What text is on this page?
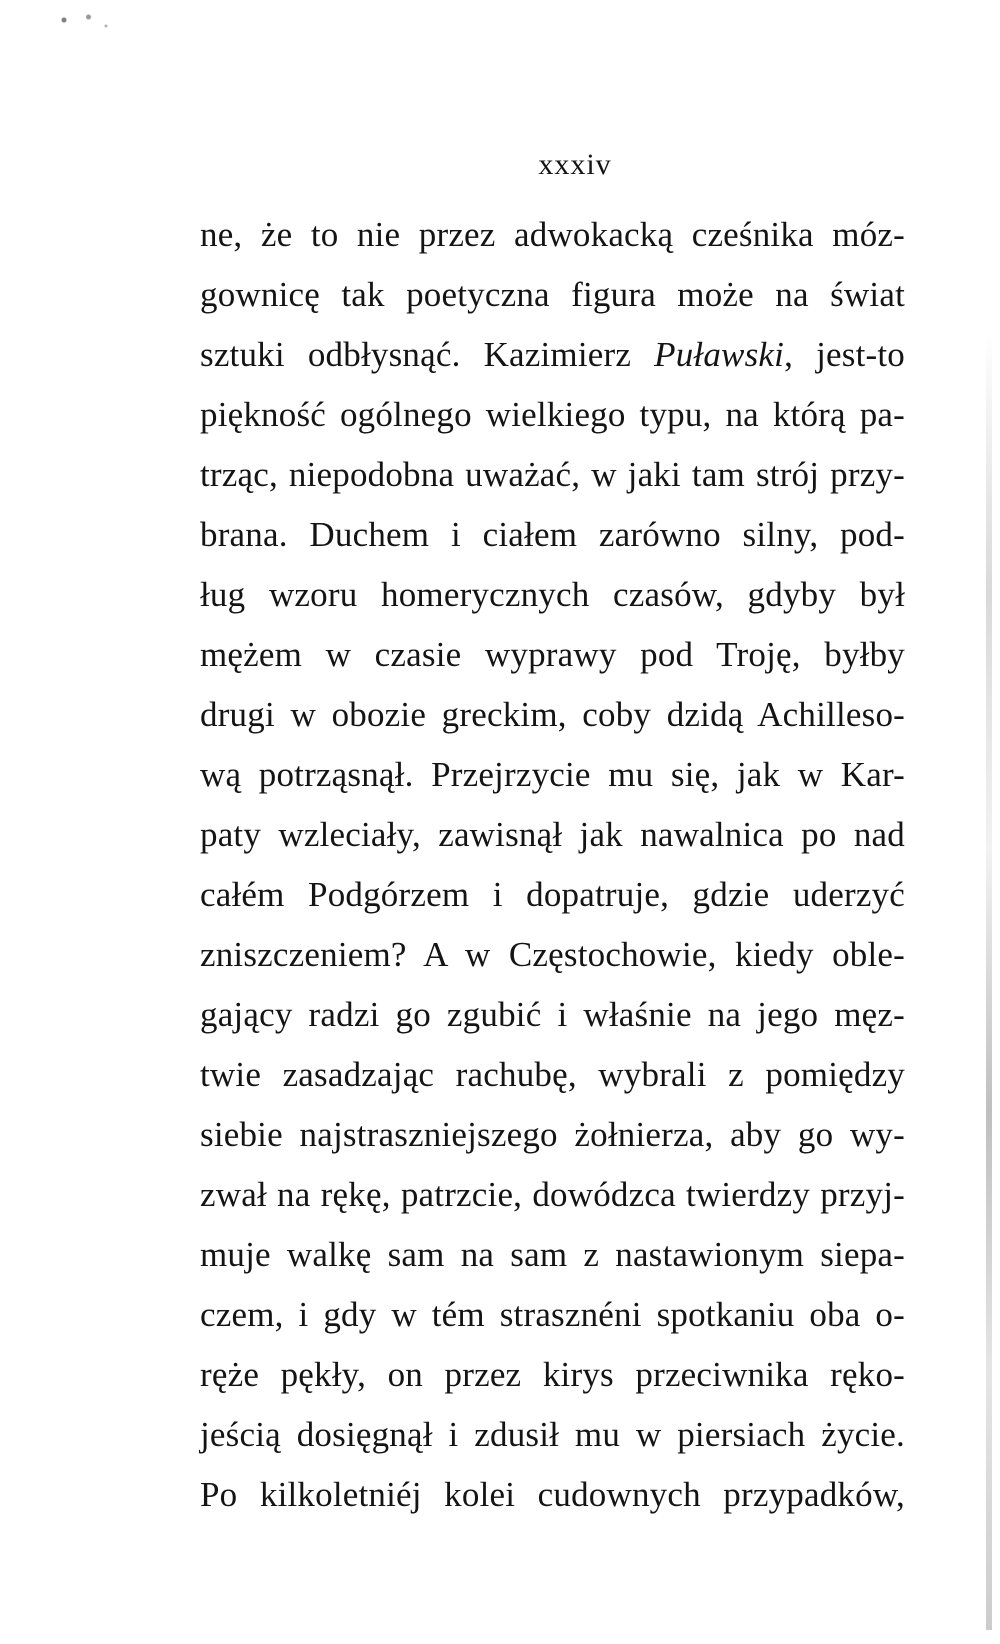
xxxiv
ne, że to nie przez adwokacką cześnika móz-
gownicę tak poetyczna figura może na świat
sztuki odbłysnąć. Kazimierz Puławski, jest-to
piękność ogólnego wielkiego typu, na którą pa-
trząc, niepodobna uważać, w jaki tam strój przy-
brana. Duchem i ciałem zarówno silny, pod-
ług wzoru homerycznych czasów, gdyby był
mężem w czasie wyprawy pod Troję, byłby
drugi w obozie greckim, coby dzidą Achilleso-
wą potrząsnął. Przejrzycie mu się, jak w Kar-
paty wzleciały, zawisnął jak nawalnica po nad
całém Podgórzem i dopatruje, gdzie uderzyć
zniszczeniem? A w Częstochowie, kiedy oble-
gający radzi go zgubić i właśnie na jego męz-
twie zasadzając rachubę, wybrali z pomiędzy
siebie najstraszniejszego żołnierza, aby go wy-
zwał na rękę, patrzcie, dowódzca twierdzy przyj-
muje walkę sam na sam z nastawionym siepa-
czem, i gdy w tém strasznéni spotkaniu oba o-
ręże pękły, on przez kirys przeciwnika ręko-
jeścią dosięgnął i zdusił mu w piersiach życie.
Po kilkoletniéj kolei cudownych przypadków,
